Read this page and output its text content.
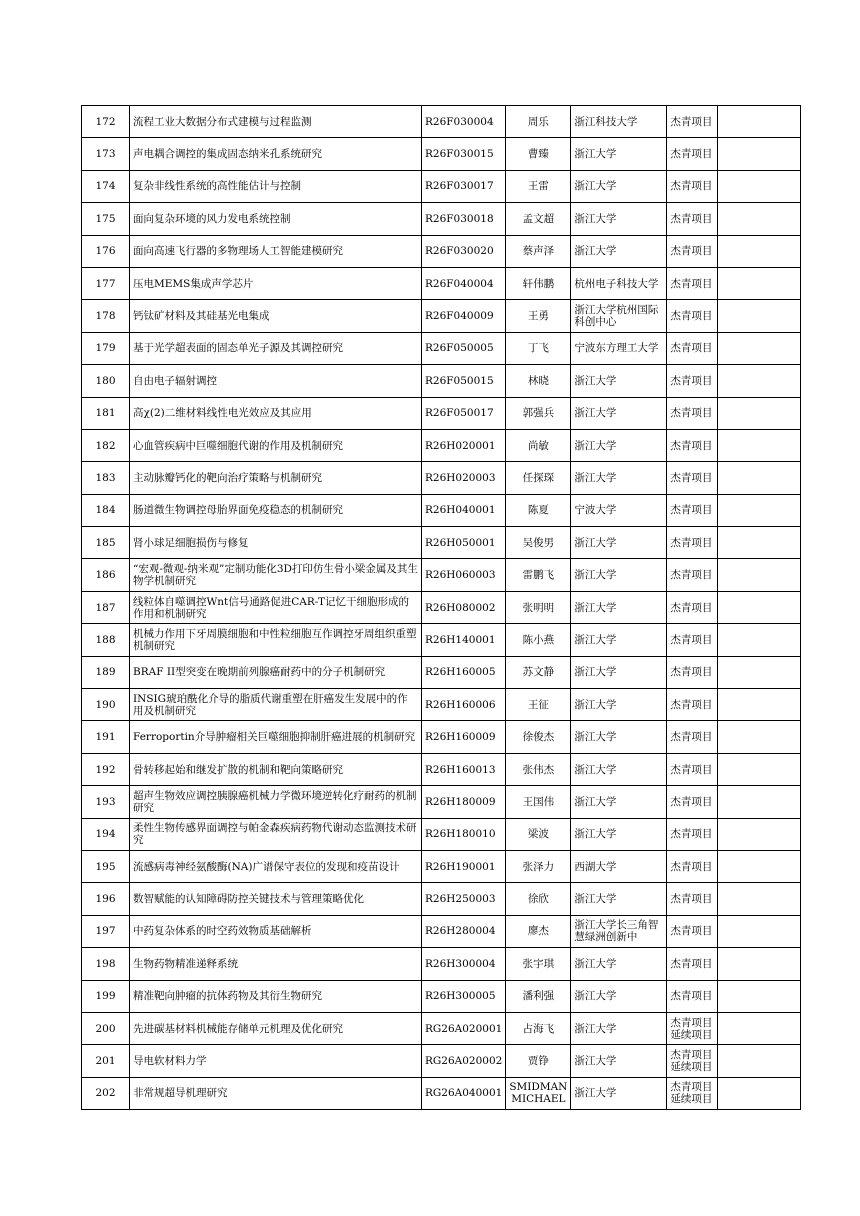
172	流程工业大数据分布式建模与过程监测	R26F030004	周乐	浙江科技大学	杰青项目	
173	声电耦合调控的集成固态纳米孔系统研究	R26F030015	曹臻	浙江大学	杰青项目	
174	复杂非线性系统的高性能估计与控制	R26F030017	王雷	浙江大学	杰青项目	
175	面向复杂环境的风力发电系统控制	R26F030018	孟文超	浙江大学	杰青项目	
176	面向高速飞行器的多物理场人工智能建模研究	R26F030020	蔡声泽	浙江大学	杰青项目	
177	压电MEMS集成声学芯片	R26F040004	轩伟鹏	杭州电子科技大学	杰青项目	
178	钙钛矿材料及其硅基光电集成	R26F040009	王勇	浙江大学杭州国际科创中心	杰青项目	
179	基于光学超表面的固态单光子源及其调控研究	R26F050005	丁飞	宁波东方理工大学	杰青项目	
180	自由电子辐射调控	R26F050015	林晓	浙江大学	杰青项目	
181	高χ(2)二维材料线性电光效应及其应用	R26F050017	郭强兵	浙江大学	杰青项目	
182	心血管疾病中巨噬细胞代谢的作用及机制研究	R26H020001	尚敏	浙江大学	杰青项目	
183	主动脉瓣钙化的靶向治疗策略与机制研究	R26H020003	任探琛	浙江大学	杰青项目	
184	肠道微生物调控母胎界面免疫稳态的机制研究	R26H040001	陈夏	宁波大学	杰青项目	
185	肾小球足细胞损伤与修复	R26H050001	吴俊男	浙江大学	杰青项目	
186	“宏观-微观-纳米观”定制功能化3D打印仿生骨小梁金属及其生物学机制研究	R26H060003	雷鹏飞	浙江大学	杰青项目	
187	线粒体自噬调控Wnt信号通路促进CAR-T记忆干细胞形成的作用和机制研究	R26H080002	张明明	浙江大学	杰青项目	
188	机械力作用下牙周膜细胞和中性粒细胞互作调控牙周组织重塑机制研究	R26H140001	陈小燕	浙江大学	杰青项目	
189	BRAF II型突变在晚期前列腺癌耐药中的分子机制研究	R26H160005	苏文静	浙江大学	杰青项目	
190	INSIG琥珀酰化介导的脂质代谢重塑在肝癌发生发展中的作用及机制研究	R26H160006	王征	浙江大学	杰青项目	
191	Ferroportin介导肿瘤相关巨噬细胞抑制肝癌进展的机制研究	R26H160009	徐俊杰	浙江大学	杰青项目	
192	骨转移起始和继发扩散的机制和靶向策略研究	R26H160013	张伟杰	浙江大学	杰青项目	
193	超声生物效应调控胰腺癌机械力学微环境逆转化疗耐药的机制研究	R26H180009	王国伟	浙江大学	杰青项目	
194	柔性生物传感界面调控与帕金森疾病药物代谢动态监测技术研究	R26H180010	梁波	浙江大学	杰青项目	
195	流感病毒神经氨酸酶(NA)广谱保守表位的发现和疫苗设计	R26H190001	张泽力	西湖大学	杰青项目	
196	数智赋能的认知障碍防控关键技术与管理策略优化	R26H250003	徐欣	浙江大学	杰青项目	
197	中药复杂体系的时空药效物质基础解析	R26H280004	廖杰	浙江大学长三角智慧绿洲创新中	杰青项目	
198	生物药物精准递释系统	R26H300004	张宇琪	浙江大学	杰青项目	
199	精准靶向肿瘤的抗体药物及其衍生物研究	R26H300005	潘利强	浙江大学	杰青项目	
200	先进碳基材料机械能存储单元机理及优化研究	RG26A020001	占海飞	浙江大学	杰青项目延续项目	
201	导电软材料力学	RG26A020002	贾铮	浙江大学	杰青项目延续项目	
202	非常规超导机理研究	RG26A040001	SMIDMAN MICHAEL	浙江大学	杰青项目延续项目	
